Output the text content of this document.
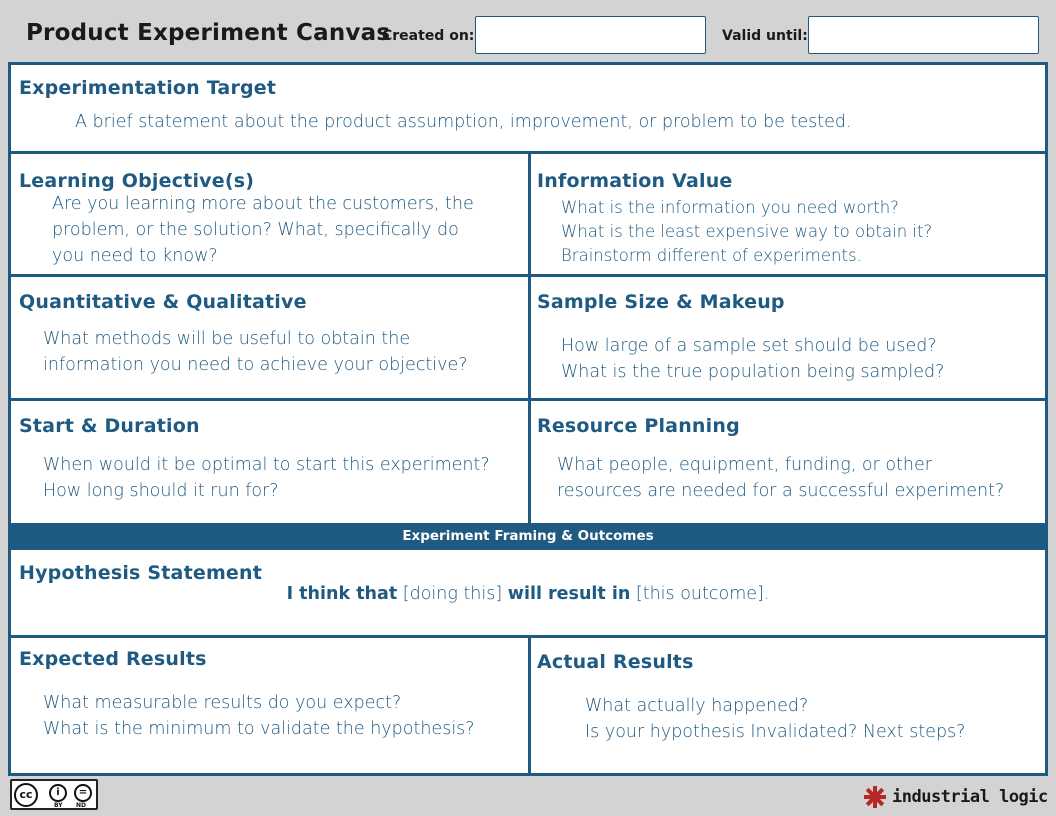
Product Experiment Canvas
Created on:	Valid until:
Experimentation Target

A brief statement about the product assumption, improvement, or problem to be tested.

Learning Objective(s)

Are you learning more about the customers, the
problem, or the solution? What, specifically do
you need to know?

Information Value

What is the information you need worth?
What is the least expensive way to obtain it?
Brainstorm different of experiments.

Quantitative & Qualitative

What methods will be useful to obtain the
information you need to achieve your objective?

Sample Size & Makeup

How large of a sample set should be used?
What is the true population being sampled?

Start & Duration

When would it be optimal to start this experiment?
How long should it run for?

Resource Planning

What people, equipment, funding, or other
resources are needed for a successful experiment?

Experiment Framing & Outcomes
Hypothesis Statement
I think that [doing this] will result in [this outcome].
Expected Results

What measurable results do you expect?
What is the minimum to validate the hypothesis?

Actual Results

What actually happened?
Is your hypothesis Invalidated? Next steps?

cc	i	=
BY ND	industrial logic
